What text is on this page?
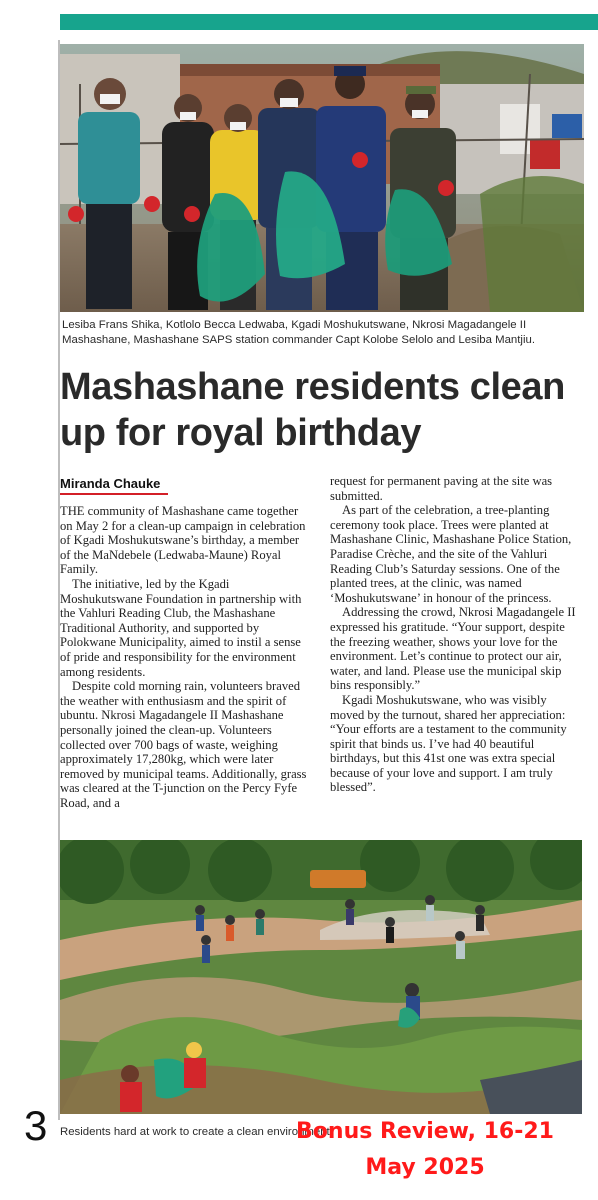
Lesiba Frans Shika, Kotlolo Becca Ledwaba, Kgadi Moshukutswane, Nkrosi Magadangele II Mashashane, Mashashane SAPS station commander Capt Kolobe Selolo and Lesiba Mantjiu.
Mashashane residents clean up for royal birthday
Miranda Chauke

THE community of Mashashane came together on May 2 for a clean-up campaign in celebration of Kgadi Moshukutswane’s birthday, a member of the MaNdebele (Ledwaba-Maune) Royal Family.

The initiative, led by the Kgadi Moshukutswane Foundation in partnership with the Vahluri Reading Club, the Mashashane Traditional Authority, and supported by Polokwane Municipality, aimed to instil a sense of pride and responsibility for the environment among residents.

Despite cold morning rain, volunteers braved the weather with enthusiasm and the spirit of ubuntu. Nkrosi Magadangele II Mashashane personally joined the clean-up. Volunteers collected over 700 bags of waste, weighing approximately 17,280kg, which were later removed by municipal teams. Additionally, grass was cleared at the T-junction on the Percy Fyfe Road, and a

request for permanent paving at the site was submitted.

As part of the celebration, a tree-planting ceremony took place. Trees were planted at Mashashane Clinic, Mashashane Police Station, Paradise Crèche, and the site of the Vahluri Reading Club’s Saturday sessions. One of the planted trees, at the clinic, was named ‘Moshukutswane’ in honour of the princess.

Addressing the crowd, Nkrosi Magadangele II expressed his gratitude. “Your support, despite the freezing weather, shows your love for the environment. Let’s continue to protect our air, water, and land. Please use the municipal skip bins responsibly.”

Kgadi Moshukutswane, who was visibly moved by the turnout, shared her appreciation: “Your efforts are a testament to the community spirit that binds us. I’ve had 40 beautiful birthdays, but this 41st one was extra special because of your love and support. I am truly blessed”.

3 Residents hard at work to create a clean environment.
Bonus Review, 16-21
May 2025
